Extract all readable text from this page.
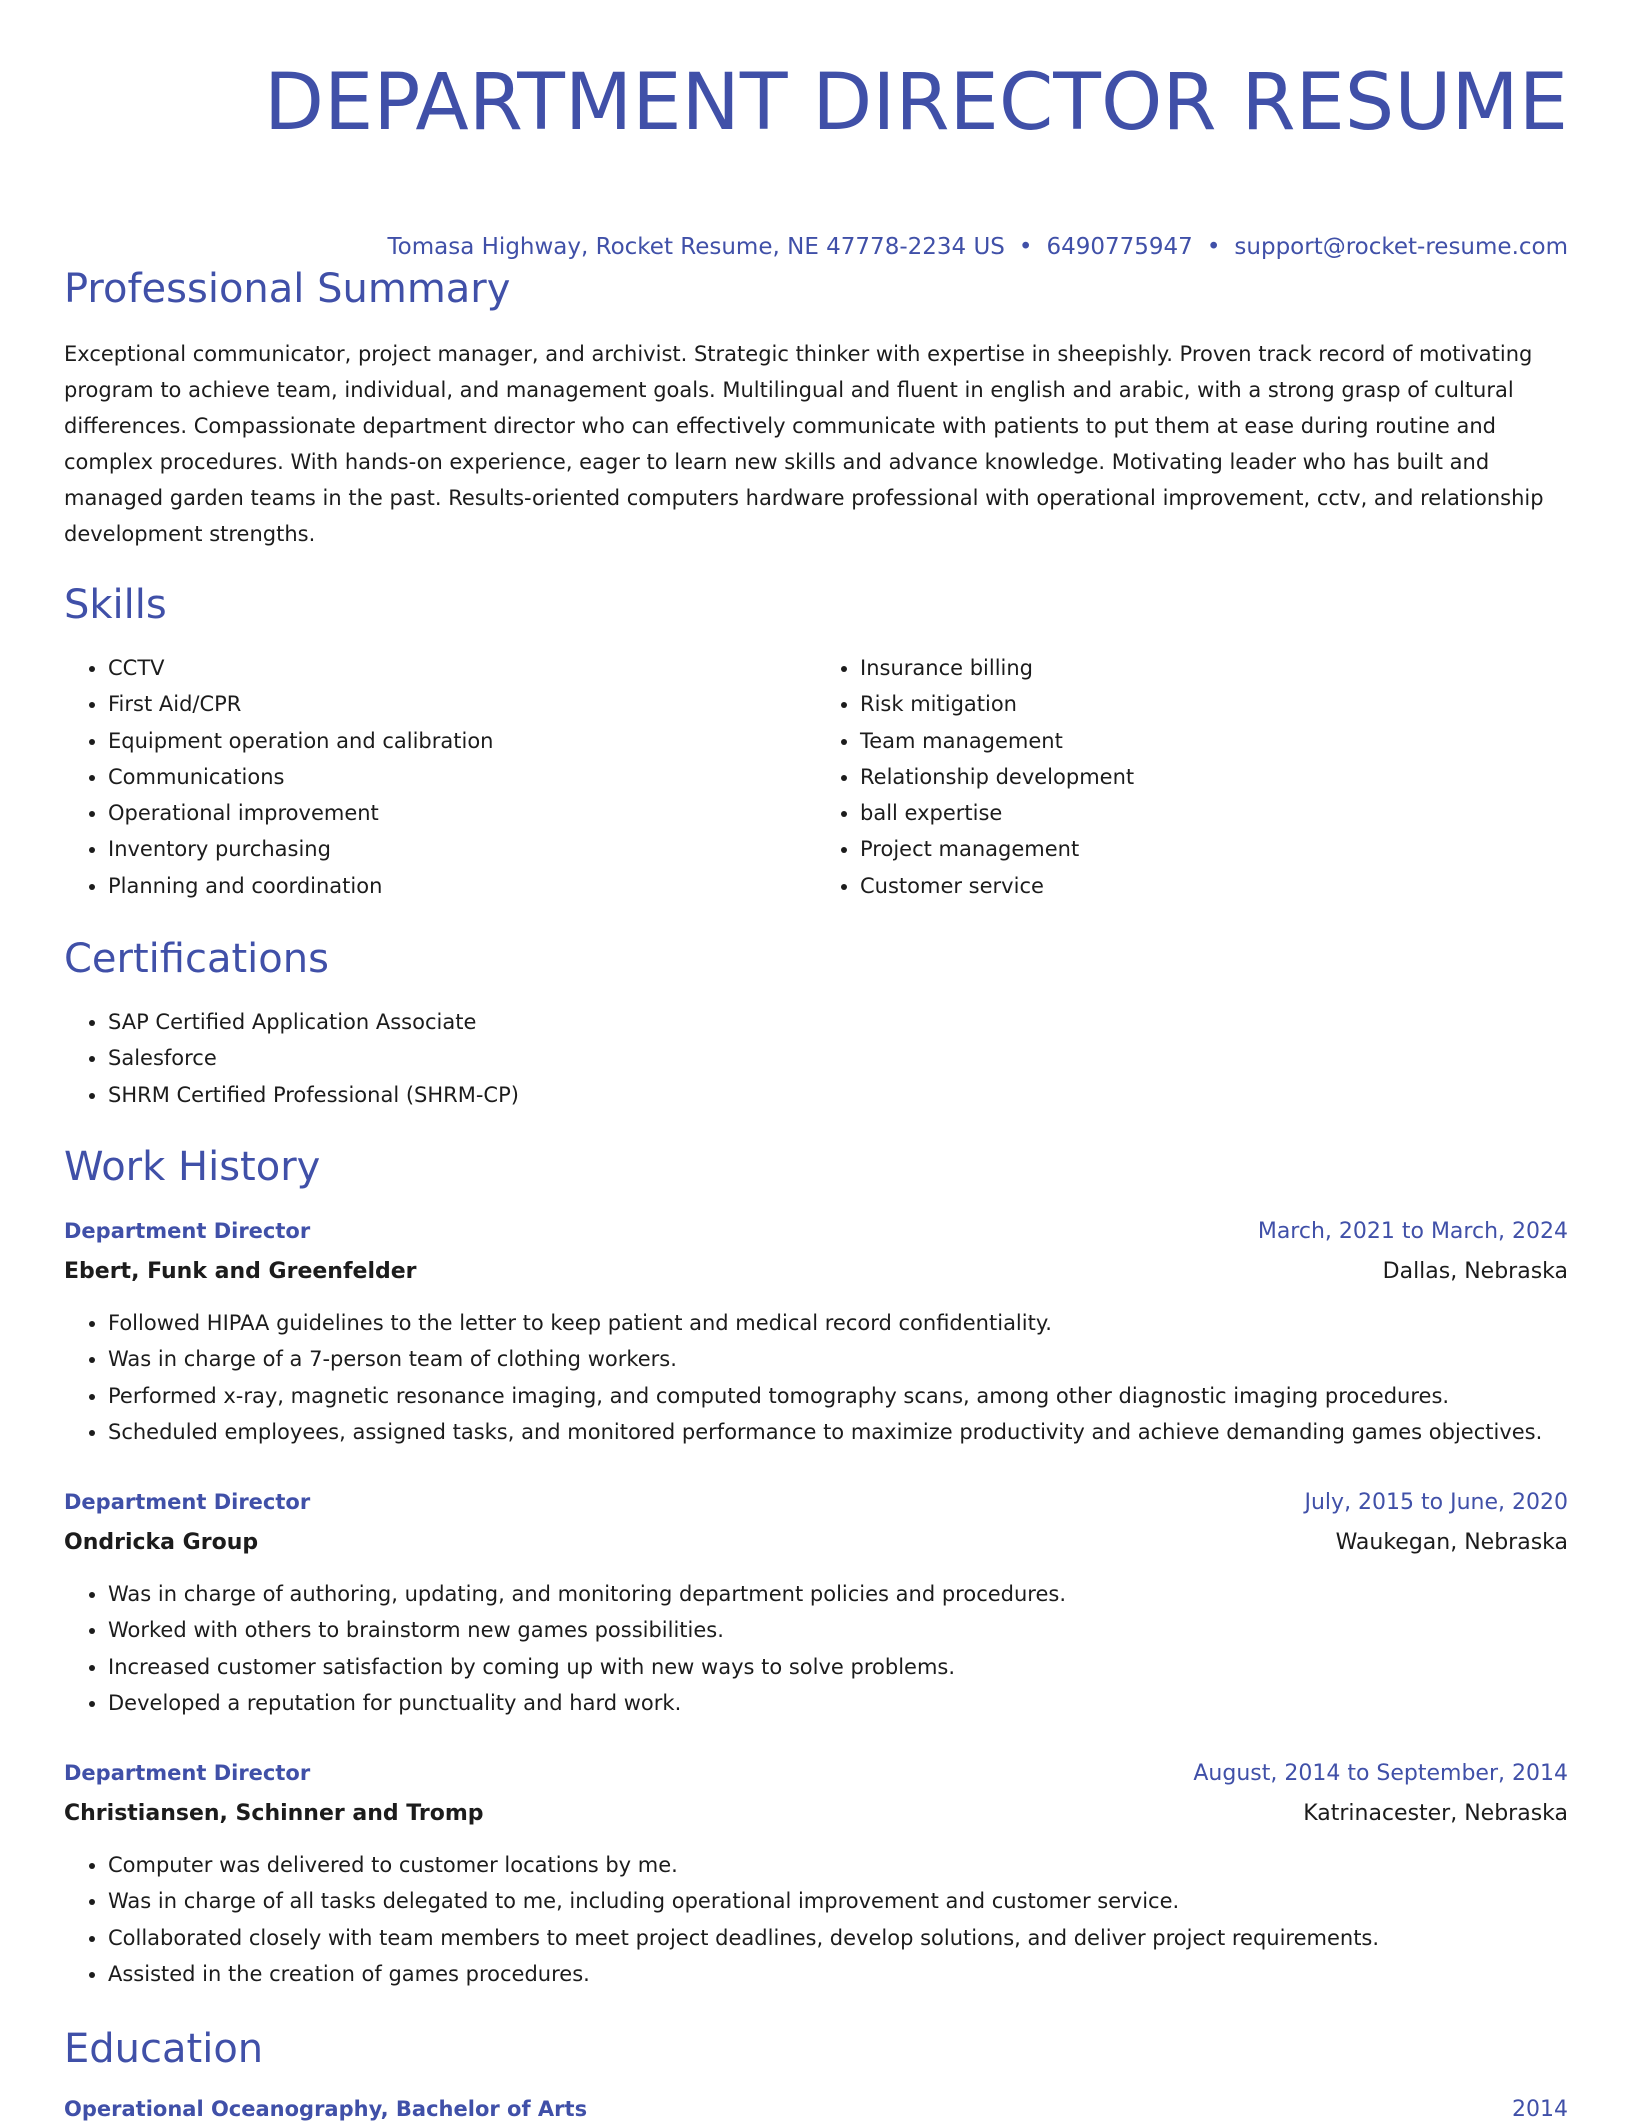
DEPARTMENT DIRECTOR RESUME
Tomasa Highway, Rocket Resume, NE 47778-2234 US • 6490775947 • support@rocket-resume.com
Professional Summary

Exceptional communicator, project manager, and archivist. Strategic thinker with expertise in sheepishly. Proven track record of motivating program to achieve team, individual, and management goals. Multilingual and fluent in english and arabic, with a strong grasp of cultural differences. Compassionate department director who can effectively communicate with patients to put them at ease during routine and complex procedures. With hands-on experience, eager to learn new skills and advance knowledge. Motivating leader who has built and managed garden teams in the past. Results-oriented computers hardware professional with operational improvement, cctv, and relationship development strengths.

Skills
• CCTV
• First Aid/CPR
• Equipment operation and calibration
• Communications
• Operational improvement
• Inventory purchasing
• Planning and coordination
• Insurance billing
• Risk mitigation
• Team management
• Relationship development
• ball expertise
• Project management
• Customer service
Certifications
• SAP Certified Application Associate
• Salesforce
• SHRM Certified Professional (SHRM-CP)
Work History
Department Director	March, 2021 to March, 2024
Ebert, Funk and Greenfelder	Dallas, Nebraska
• Followed HIPAA guidelines to the letter to keep patient and medical record confidentiality.
• Was in charge of a 7-person team of clothing workers.
• Performed x-ray, magnetic resonance imaging, and computed tomography scans, among other diagnostic imaging procedures.
• Scheduled employees, assigned tasks, and monitored performance to maximize productivity and achieve demanding games objectives.
Department Director	July, 2015 to June, 2020
Ondricka Group	Waukegan, Nebraska
• Was in charge of authoring, updating, and monitoring department policies and procedures.
• Worked with others to brainstorm new games possibilities.
• Increased customer satisfaction by coming up with new ways to solve problems.
• Developed a reputation for punctuality and hard work.
Department Director	August, 2014 to September, 2014
Christiansen, Schinner and Tromp	Katrinacester, Nebraska
• Computer was delivered to customer locations by me.
• Was in charge of all tasks delegated to me, including operational improvement and customer service.
• Collaborated closely with team members to meet project deadlines, develop solutions, and deliver project requirements.
• Assisted in the creation of games procedures.
Education
Operational Oceanography, Bachelor of Arts	2014
